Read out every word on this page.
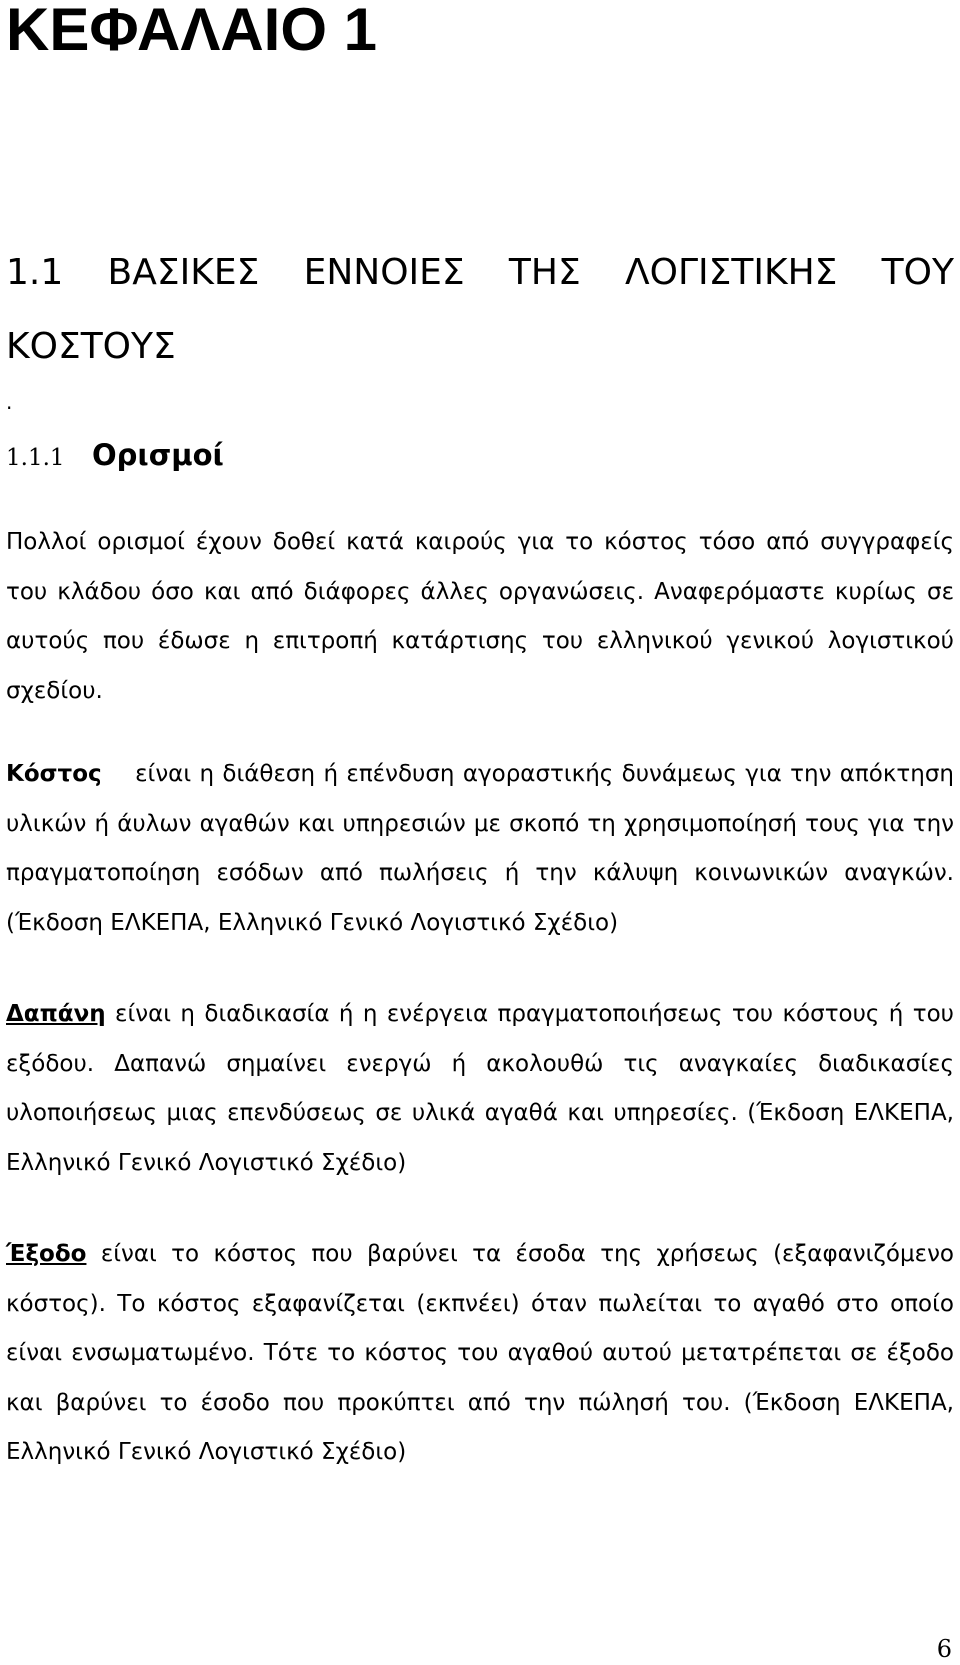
ΚΕΦΑΛΑΙΟ 1
1.1 ΒΑΣΙΚΕΣ ΕΝΝΟΙΕΣ ΤΗΣ ΛΟΓΙΣΤΙΚΗΣ ΤΟΥ ΚΟΣΤΟΥΣ
.
1.1.1 Ορισμοί

Πολλοί ορισμοί έχουν δοθεί κατά καιρούς για το κόστος τόσο από συγγραφείς του κλάδου όσο και από διάφορες άλλες οργανώσεις. Αναφερόμαστε κυρίως σε αυτούς που έδωσε η επιτροπή κατάρτισης του ελληνικού γενικού λογιστικού σχεδίου.

Κόστος είναι η διάθεση ή επένδυση αγοραστικής δυνάμεως για την απόκτηση υλικών ή άυλων αγαθών και υπηρεσιών με σκοπό τη χρησιμοποίησή τους για την πραγματοποίηση εσόδων από πωλήσεις ή την κάλυψη κοινωνικών αναγκών. (Έκδοση ΕΛΚΕΠΑ, Ελληνικό Γενικό Λογιστικό Σχέδιο)

Δαπάνη είναι η διαδικασία ή η ενέργεια πραγματοποιήσεως του κόστους ή του εξόδου. Δαπανώ σημαίνει ενεργώ ή ακολουθώ τις αναγκαίες διαδικασίες υλοποιήσεως μιας επενδύσεως σε υλικά αγαθά και υπηρεσίες. (Έκδοση ΕΛΚΕΠΑ, Ελληνικό Γενικό Λογιστικό Σχέδιο)

Έξοδο είναι το κόστος που βαρύνει τα έσοδα της χρήσεως (εξαφανιζόμενο κόστος). Το κόστος εξαφανίζεται (εκπνέει) όταν πωλείται το αγαθό στο οποίο είναι ενσωματωμένο. Τότε το κόστος του αγαθού αυτού μετατρέπεται σε έξοδο και βαρύνει το έσοδο που προκύπτει από την πώλησή του. (Έκδοση ΕΛΚΕΠΑ, Ελληνικό Γενικό Λογιστικό Σχέδιο)

6
